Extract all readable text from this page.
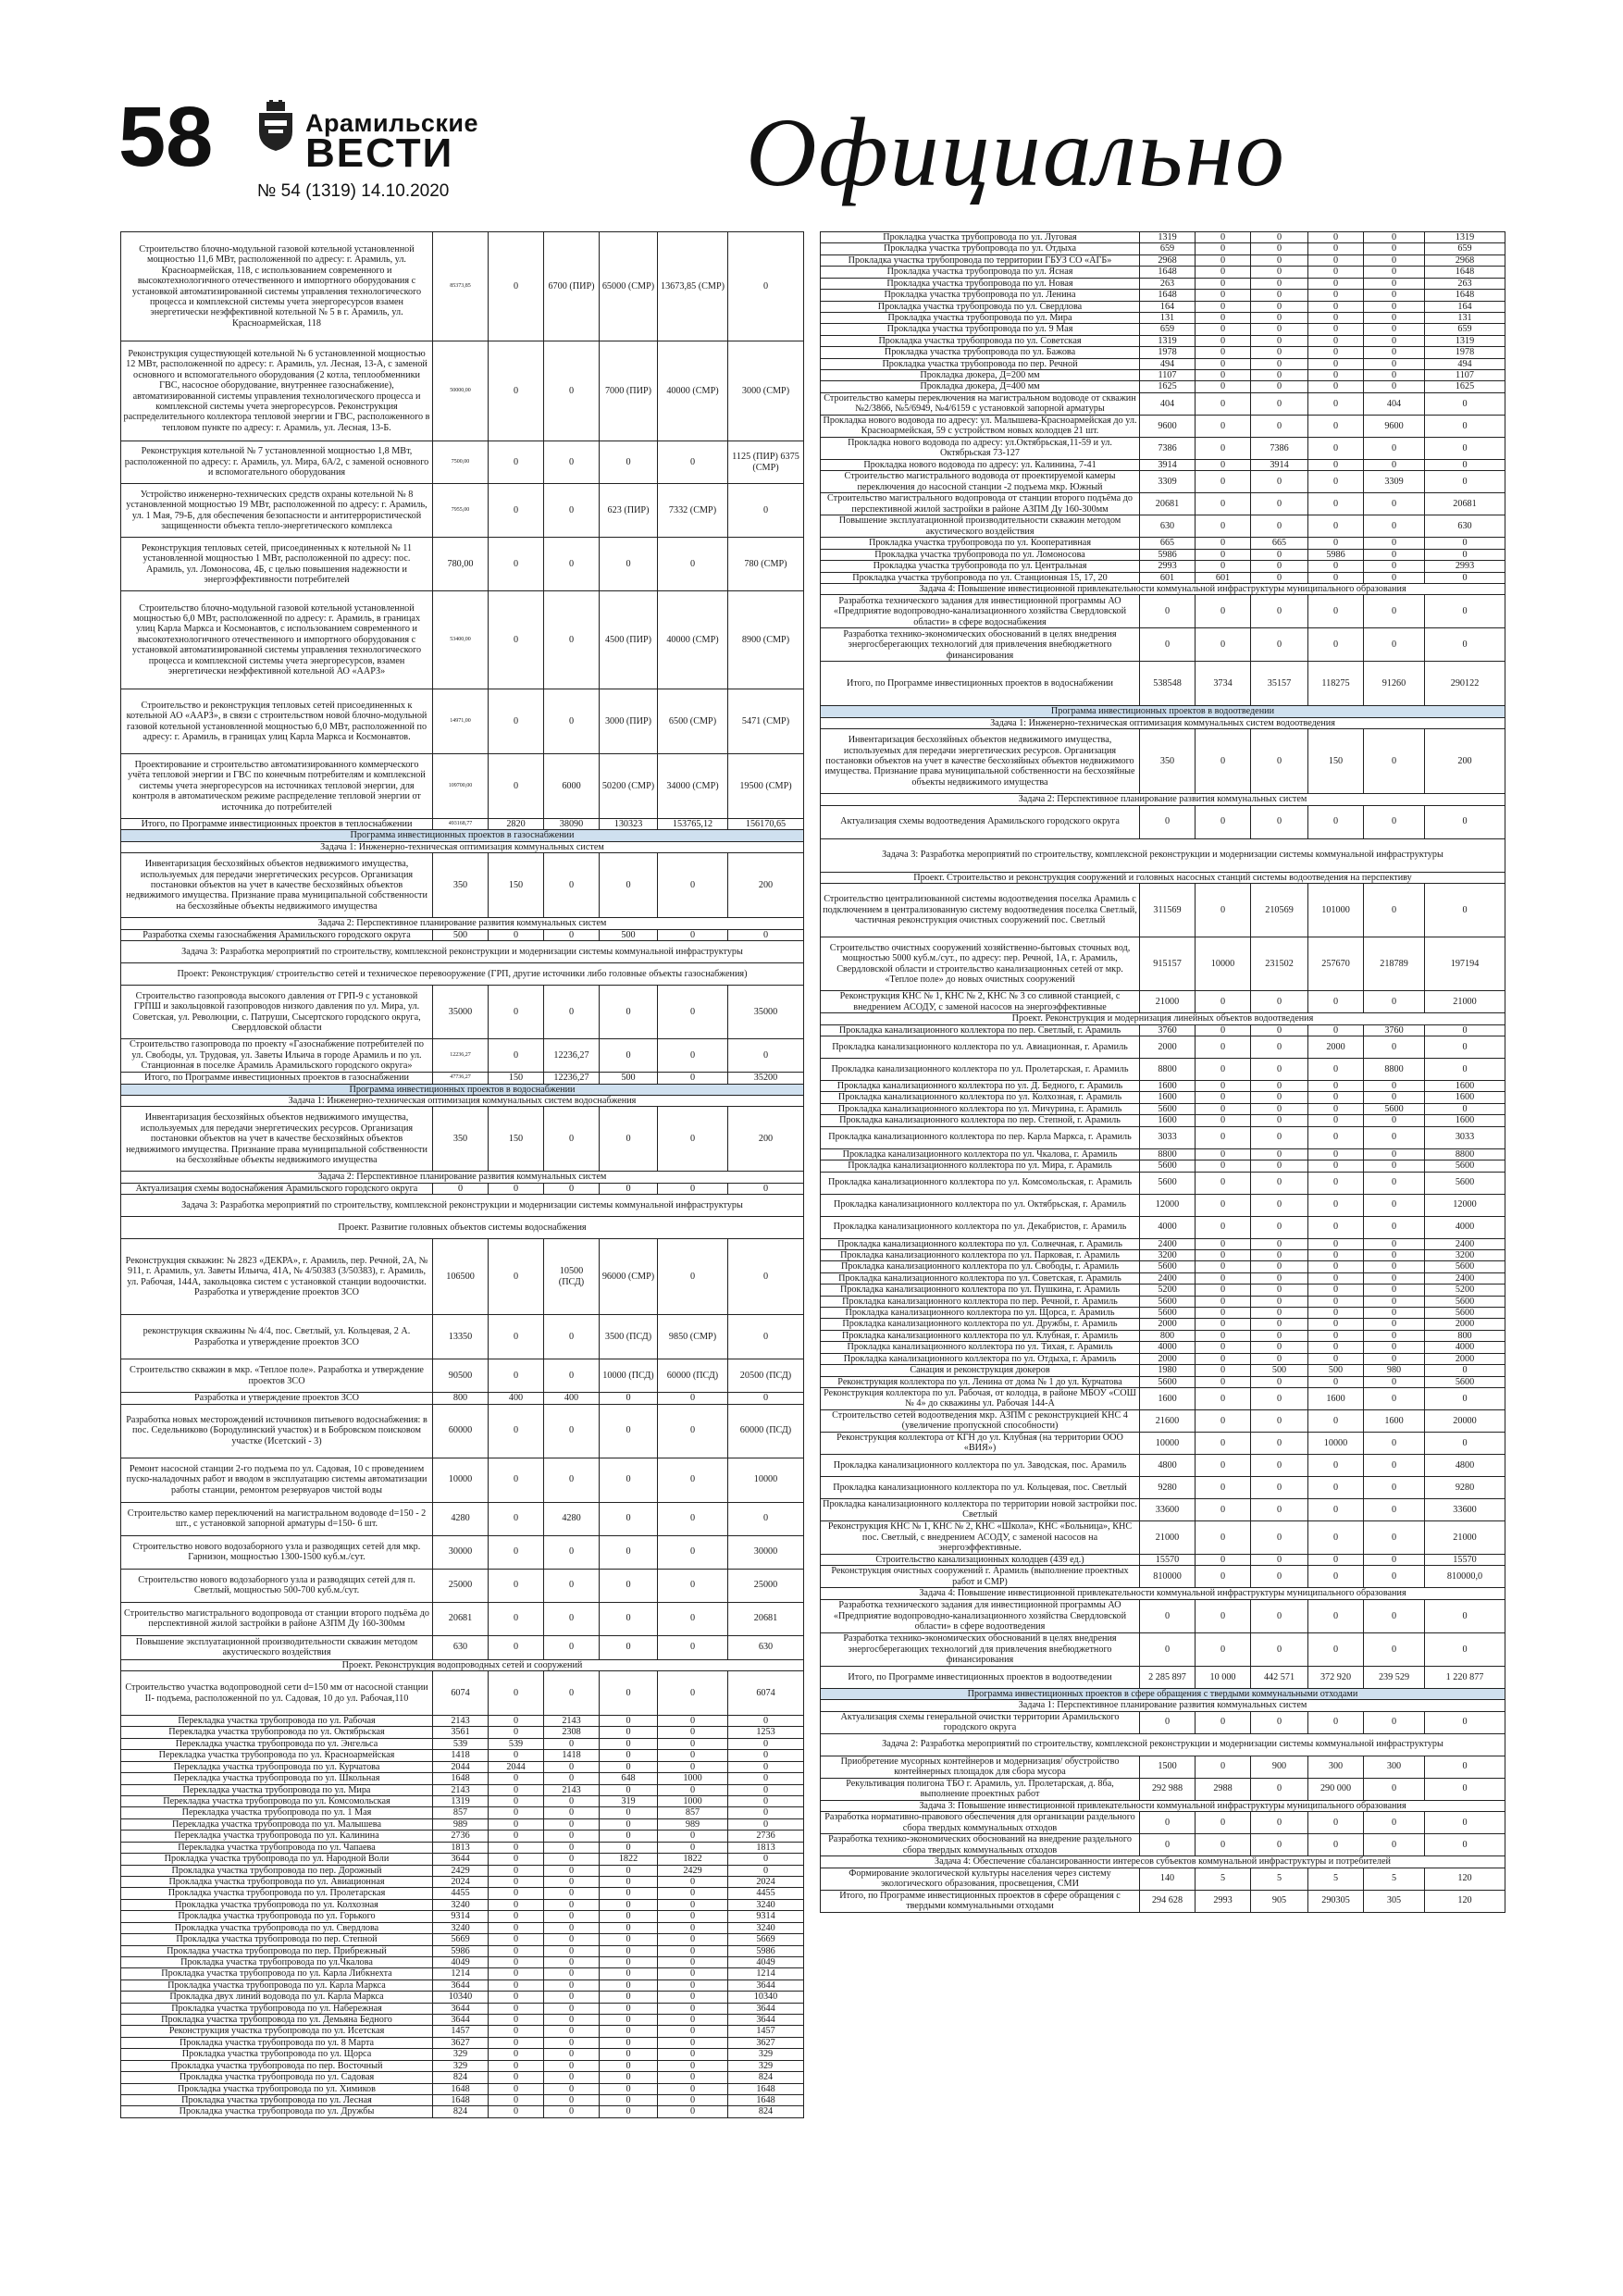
58	Арамильские
ВЕСТИ
№ 54 (1319) 14.10.2020	Официально
Строительство блочно-модульной газовой котельной установленной мощностью 11,6 МВт, расположенной по адресу: г. Арамиль, ул. Красноармейская, 118, с использованием современного и высокотехнологичного отечественного и импортного оборудования с установкой автоматизированной системы управления технологического процесса и комплексной системы учета энергоресурсов взамен энергетически неэффективной котельной № 5 в г. Арамиль, ул. Красноармейская, 118	85373,85	0	6700 (ПИР)	65000 (СМР)	13673,85 (СМР)	0
Реконструкция существующей котельной № 6 установленной мощностью 12 МВт, расположенной по адресу: г. Арамиль, ул. Лесная, 13-А, с заменой основного и вспомогательного оборудования (2 котла, теплообменники ГВС, насосное оборудование, внутреннее газоснабжение), автоматизированной системы управления технологического процесса и комплексной системы учета энергоресурсов. Реконструкция распределительного коллектора тепловой энергии и ГВС, расположенного в тепловом пункте по адресу: г. Арамиль, ул. Лесная, 13-Б.	50000,00	0	0	7000 (ПИР)	40000 (СМР)	3000 (СМР)
Реконструкция котельной № 7 установленной мощностью 1,8 МВт, расположенной по адресу: г. Арамиль, ул. Мира, 6А/2, с заменой основного и вспомогательного оборудования	7500,00	0	0	0	0	1125 (ПИР) 6375 (СМР)
Устройство инженерно-технических средств охраны котельной № 8 установленной мощностью 19 МВт, расположенной по адресу: г. Арамиль, ул. 1 Мая, 79-Б, для обеспечения безопасности и антитеррористической защищенности объекта тепло-энергетического комплекса	7955,00	0	0	623 (ПИР)	7332 (СМР)	0
Реконструкция тепловых сетей, присоединенных к котельной № 11 установленной мощностью 1 МВт, расположенной по адресу: пос. Арамиль, ул. Ломоносова, 4Б, с целью повышения надежности и энергоэффективности потребителей	780,00	0	0	0	0	780 (СМР)
Строительство блочно-модульной газовой котельной установленной мощностью 6,0 МВт, расположенной по адресу: г. Арамиль, в границах улиц Карла Маркса и Космонавтов, с использованием современного и высокотехнологичного отечественного и импортного оборудования с установкой автоматизированной системы управления технологического процесса и комплексной системы учета энергоресурсов, взамен энергетически неэффективной котельной АО «ААРЗ»	53400,00	0	0	4500 (ПИР)	40000 (СМР)	8900 (СМР)
Строительство и реконструкция тепловых сетей присоединенных к котельной АО «ААРЗ», в связи с строительством новой блочно-модульной газовой котельной установленной мощностью 6,0 МВт, расположенной по адресу: г. Арамиль, в границах улиц Карла Маркса и Космонавтов.	14971,00	0	0	3000 (ПИР)	6500 (СМР)	5471 (СМР)
Проектирование и строительство автоматизированного коммерческого учёта тепловой энергии и ГВС по конечным потребителям и комплексной системы учета энергоресурсов на источниках тепловой энергии, для контроля в автоматическом режиме распределение тепловой энергии от источника до потребителей	109700,00	0	6000	50200 (СМР)	34000 (СМР)	19500 (СМР)
Итого, по Программе инвестиционных проектов в теплоснабжении	493168,77	2820	38090	130323	153765,12	156170,65
Программа инвестиционных проектов в газоснабжении						
Задача 1: Инженерно-техническая оптимизация коммунальных систем						
Инвентаризация бесхозяйных объектов недвижимого имущества, используемых для передачи энергетических ресурсов. Организация постановки объектов на учет в качестве бесхозяйных объектов недвижимого имущества. Признание права муниципальной собственности на бесхозяйные объекты недвижимого имущества	350	150	0	0	0	200
Задача 2: Перспективное планирование развития коммунальных систем						
Разработка схемы газоснабжения Арамильского городского округа	500	0	0	500	0	0
Задача 3: Разработка мероприятий по строительству, комплексной реконструкции и модернизации системы коммунальной инфраструктуры						
Проект: Реконструкция/ строительство сетей и техническое перевооружение (ГРП, другие источники либо головные объекты газоснабжения)						
Строительство газопровода высокого давления от ГРП-9 с установкой ГРПШ и закольцовкой газопроводов низкого давления по ул. Мира, ул. Советская, ул. Революции, с. Патруши, Сысертского городского округа, Свердловской области	35000	0	0	0	0	35000
Строительство газопровода по проекту «Газоснабжение потребителей по ул. Свободы, ул. Трудовая, ул. Заветы Ильича в городе Арамиль и по ул. Станционная в поселке Арамиль Арамильского городского округа»	12236,27	0	12236,27	0	0	0
Итого, по Программе инвестиционных проектов в газоснабжении	47736,27	150	12236,27	500	0	35200
Программа инвестиционных проектов в водоснабжении						
Задача 1: Инженерно-техническая оптимизация коммунальных систем водоснабжения						
Инвентаризация бесхозяйных объектов недвижимого имущества, используемых для передачи энергетических ресурсов. Организация постановки объектов на учет в качестве бесхозяйных объектов недвижимого имущества. Признание права муниципальной собственности на бесхозяйные объекты недвижимого имущества	350	150	0	0	0	200
Задача 2: Перспективное планирование развития коммунальных систем						
Актуализация схемы водоснабжения Арамильского городского округа	0	0	0	0	0	0
Задача 3: Разработка мероприятий по строительству, комплексной реконструкции и модернизации системы коммунальной инфраструктуры						
Проект. Развитие головных объектов системы водоснабжения						
Реконструкция скважин: № 2823 «ДЕКРА», г. Арамиль, пер. Речной, 2А, № 911, г. Арамиль, ул. Заветы Ильича, 41А, № 4/50383 (3/50383), г. Арамиль, ул. Рабочая, 144А, закольцовка систем с установкой станции водоочистки. Разработка и утверждение проектов ЗСО	106500	0	10500 (ПСД)	96000 (СМР)	0	0
реконструкция скважины № 4/4, пос. Светлый, ул. Кольцевая, 2 А. Разработка и утверждение проектов ЗСО	13350	0	0	3500 (ПСД)	9850 (СМР)	0
Строительство скважин в мкр. «Теплое поле». Разработка и утверждение проектов ЗСО	90500	0	0	10000 (ПСД)	60000 (ПСД)	20500 (ПСД)
Разработка и утверждение проектов ЗСО	800	400	400	0	0	0
Разработка новых месторождений источников питьевого водоснабжения: в пос. Седельниково (Бородулинский участок) и в Бобровском поисковом участке (Исетский - 3)	60000	0	0	0	0	60000 (ПСД)
Ремонт насосной станции 2-го подъема по ул. Садовая, 10 с проведением пуско-наладочных работ и вводом в эксплуатацию системы автоматизации работы станции, ремонтом резервуаров чистой воды	10000	0	0	0	0	10000
Строительство камер переключений на магистральном водоводе d=150 - 2 шт., с установкой запорной арматуры d=150- 6 шт.	4280	0	4280	0	0	0
Строительство нового водозаборного узла и разводящих сетей для мкр. Гарнизон, мощностью 1300-1500 куб.м./сут.	30000	0	0	0	0	30000
Строительство нового водозаборного узла и разводящих сетей для п. Светлый, мощностью 500-700 куб.м./сут.	25000	0	0	0	0	25000
Строительство магистрального водопровода от станции второго подъёма до перспективной жилой застройки в районе АЗПМ Ду 160-300мм	20681	0	0	0	0	20681
Повышение эксплуатационной производительности скважин методом акустического воздействия	630	0	0	0	0	630
Проект. Реконструкция водопроводных сетей и сооружений						
Строительство участка водопроводной сети d=150 мм от насосной станции II- подъема, расположенной по ул. Садовая, 10 до ул. Рабочая,110	6074	0	0	0	0	6074
Перекладка участка трубопровода по ул. Рабочая	2143	0	2143	0	0	0
Перекладка участка трубопровода по ул. Октябрьская	3561	0	2308	0	0	1253
Перекладка участка трубопровода по ул. Энгельса	539	539	0	0	0	0
Перекладка участка трубопровода по ул. Красноармейская	1418	0	1418	0	0	0
Перекладка участка трубопровода по ул. Курчатова	2044	2044	0	0	0	0
Перекладка участка трубопровода по ул. Школьная	1648	0	0	648	1000	0
Перекладка участка трубопровода по ул. Мира	2143	0	2143	0	0	0
Перекладка участка трубопровода по ул. Комсомольская	1319	0	0	319	1000	0
Перекладка участка трубопровода по ул. 1 Мая	857	0	0	0	857	0
Перекладка участка трубопровода по ул. Малышева	989	0	0	0	989	0
Перекладка участка трубопровода по ул. Калинина	2736	0	0	0	0	2736
Перекладка участка трубопровода по ул. Чапаева	1813	0	0	0	0	1813
Прокладка участка трубопровода по ул. Народной Воли	3644	0	0	1822	1822	0
Прокладка участка трубопровода по пер. Дорожный	2429	0	0	0	2429	0
Прокладка участка трубопровода по ул. Авиационная	2024	0	0	0	0	2024
Прокладка участка трубопровода по ул. Пролетарская	4455	0	0	0	0	4455
Прокладка участка трубопровода по ул. Колхозная	3240	0	0	0	0	3240
Прокладка участка трубопровода по ул. Горького	9314	0	0	0	0	9314
Прокладка участка трубопровода по ул. Свердлова	3240	0	0	0	0	3240
Прокладка участка трубопровода по пер. Степной	5669	0	0	0	0	5669
Прокладка участка трубопровода по пер. Прибрежный	5986	0	0	0	0	5986
Прокладка участка трубопровода по ул.Чкалова	4049	0	0	0	0	4049
Прокладка участка трубопровода по ул. Карла Либкнехта	1214	0	0	0	0	1214
Прокладка участка трубопровода по ул. Карла Маркса	3644	0	0	0	0	3644
Прокладка двух линий водовода по ул. Карла Маркса	10340	0	0	0	0	10340
Прокладка участка трубопровода по ул. Набережная	3644	0	0	0	0	3644
Прокладка участка трубопровода по ул. Демьяна Бедного	3644	0	0	0	0	3644
Реконструкция участка трубопровода по ул. Исетская	1457	0	0	0	0	1457
Прокладка участка трубопровода по ул. 8 Марта	3627	0	0	0	0	3627
Прокладка участка трубопровода по ул. Щорса	329	0	0	0	0	329
Прокладка участка трубопровода по пер. Восточный	329	0	0	0	0	329
Прокладка участка трубопровода по ул. Садовая	824	0	0	0	0	824
Прокладка участка трубопровода по ул. Химиков	1648	0	0	0	0	1648
Прокладка участка трубопровода по ул. Лесная	1648	0	0	0	0	1648
Прокладка участка трубопровода по ул. Дружбы	824	0	0	0	0	824
Прокладка участка трубопровода по ул. Луговая	1319	0	0	0	0	1319
Прокладка участка трубопровода по ул. Отдыха	659	0	0	0	0	659
Прокладка участка трубопровода по территории ГБУЗ СО «АГБ»	2968	0	0	0	0	2968
Прокладка участка трубопровода по ул. Ясная	1648	0	0	0	0	1648
Прокладка участка трубопровода по ул. Новая	263	0	0	0	0	263
Прокладка участка трубопровода по ул. Ленина	1648	0	0	0	0	1648
Прокладка участка трубопровода по ул. Свердлова	164	0	0	0	0	164
Прокладка участка трубопровода по ул. Мира	131	0	0	0	0	131
Прокладка участка трубопровода по ул. 9 Мая	659	0	0	0	0	659
Прокладка участка трубопровода по ул. Советская	1319	0	0	0	0	1319
Прокладка участка трубопровода по ул. Бажова	1978	0	0	0	0	1978
Прокладка участка трубопровода по пер. Речной	494	0	0	0	0	494
Прокладка дюкера, Д=200 мм	1107	0	0	0	0	1107
Прокладка дюкера, Д=400 мм	1625	0	0	0	0	1625
Строительство камеры переключения на магистральном водоводе от скважин №2/3866, №5/6949, №4/6159 с установкой запорной арматуры	404	0	0	0	404	0
Прокладка нового водовода по адресу: ул. Малышева-Красноармейская до ул. Красноармейская, 59 с устройством новых колодцев 21 шт.	9600	0	0	0	9600	0
Прокладка нового водовода по адресу: ул.Октябрьская,11-59 и ул. Октябрьская 73-127	7386	0	7386	0	0	0
Прокладка нового водовода по адресу: ул. Калинина, 7-41	3914	0	3914	0	0	0
Строительство магистрального водовода от проектируемой камеры переключения до насосной станции -2 подъема мкр. Южный	3309	0	0	0	3309	0
Строительство магистрального водопровода от станции второго подъёма до перспективной жилой застройки в районе АЗПМ Ду 160-300мм	20681	0	0	0	0	20681
Повышение эксплуатационной производительности скважин методом акустического воздействия	630	0	0	0	0	630
Прокладка участка трубопровода по ул. Кооперативная	665	0	665	0	0	0
Прокладка участка трубопровода по ул. Ломоносова	5986	0	0	5986	0	0
Прокладка участка трубопровода по ул. Центральная	2993	0	0	0	0	2993
Прокладка участка трубопровода по ул. Станционная 15, 17, 20	601	601	0	0	0	0
Задача 4: Повышение инвестиционной привлекательности коммунальной инфраструктуры муниципального образования						
Разработка технического задания для инвестиционной программы АО «Предприятие водопроводно-канализационного хозяйства Свердловской области» в сфере водоснабжения	0	0	0	0	0	0
Разработка технико-экономических обоснований в целях внедрения энергосберегающих технологий для привлечения внебюджетного финансирования	0	0	0	0	0	0
Итого, по Программе инвестиционных проектов в водоснабжении	538548	3734	35157	118275	91260	290122
Программа инвестиционных проектов в водоотведении						
Задача 1: Инженерно-техническая оптимизация коммунальных систем водоотведения						
Инвентаризация бесхозяйных объектов недвижимого имущества, используемых для передачи энергетических ресурсов. Организация постановки объектов на учет в качестве бесхозяйных объектов недвижимого имущества. Признание права муниципальной собственности на бесхозяйные объекты недвижимого имущества	350	0	0	150	0	200
Задача 2: Перспективное планирование развития коммунальных систем						
Актуализация схемы водоотведения Арамильского городского округа	0	0	0	0	0	0
Задача 3: Разработка мероприятий по строительству, комплексной реконструкции и модернизации системы коммунальной инфраструктуры						
Проект. Строительство и реконструкция сооружений и головных насосных станций системы водоотведения на перспективу						
Строительство централизованной системы водоотведения поселка Арамиль с подключением в централизованную систему водоотведения поселка Светлый, частичная реконструкция очистных сооружений пос. Светлый	311569	0	210569	101000	0	0
Строительство очистных сооружений хозяйственно-бытовых сточных вод, мощностью 5000 куб.м./сут., по адресу: пер. Речной, 1А, г. Арамиль, Свердловской области и строительство канализационных сетей от мкр. «Теплое поле» до новых очистных сооружений	915157	10000	231502	257670	218789	197194
Реконструкция КНС № 1, КНС № 2, КНС № 3 со сливной станцией, с внедрением АСОДУ, с заменой насосов на энергоэффективные	21000	0	0	0	0	21000
Проект. Реконструкция и модернизация линейных объектов водоотведения						
Прокладка канализационного коллектора по пер. Светлый, г. Арамиль	3760	0	0	0	3760	0
Прокладка канализационного коллектора по ул. Авиационная, г. Арамиль	2000	0	0	2000	0	0
Прокладка канализационного коллектора по ул. Пролетарская, г. Арамиль	8800	0	0	0	8800	0
Прокладка канализационного коллектора по ул. Д. Бедного, г. Арамиль	1600	0	0	0	0	1600
Прокладка канализационного коллектора по ул. Колхозная, г. Арамиль	1600	0	0	0	0	1600
Прокладка канализационного коллектора по ул. Мичурина, г. Арамиль	5600	0	0	0	5600	0
Прокладка канализационного коллектора по пер. Степной, г. Арамиль	1600	0	0	0	0	1600
Прокладка канализационного коллектора по пер. Карла Маркса, г. Арамиль	3033	0	0	0	0	3033
Прокладка канализационного коллектора по ул. Чкалова, г. Арамиль	8800	0	0	0	0	8800
Прокладка канализационного коллектора по ул. Мира, г. Арамиль	5600	0	0	0	0	5600
Прокладка канализационного коллектора по ул. Комсомольская, г. Арамиль	5600	0	0	0	0	5600
Прокладка канализационного коллектора по ул. Октябрьская, г. Арамиль	12000	0	0	0	0	12000
Прокладка канализационного коллектора по ул. Декабристов, г. Арамиль	4000	0	0	0	0	4000
Прокладка канализационного коллектора по ул. Солнечная, г. Арамиль	2400	0	0	0	0	2400
Прокладка канализационного коллектора по ул. Парковая, г. Арамиль	3200	0	0	0	0	3200
Прокладка канализационного коллектора по ул. Свободы, г. Арамиль	5600	0	0	0	0	5600
Прокладка канализационного коллектора по ул. Советская, г. Арамиль	2400	0	0	0	0	2400
Прокладка канализационного коллектора по ул. Пушкина, г. Арамиль	5200	0	0	0	0	5200
Прокладка канализационного коллектора по пер. Речной, г. Арамиль	5600	0	0	0	0	5600
Прокладка канализационного коллектора по ул. Щорса, г. Арамиль	5600	0	0	0	0	5600
Прокладка канализационного коллектора по ул. Дружбы, г. Арамиль	2000	0	0	0	0	2000
Прокладка канализационного коллектора по ул. Клубная, г. Арамиль	800	0	0	0	0	800
Прокладка канализационного коллектора по ул. Тихая, г. Арамиль	4000	0	0	0	0	4000
Прокладка канализационного коллектора по ул. Отдыха, г. Арамиль	2000	0	0	0	0	2000
Санация и реконструкция дюкеров	1980	0	500	500	980	0
Реконструкция коллектора по ул. Ленина от дома № 1 до ул. Курчатова	5600	0	0	0	0	5600
Реконструкция коллектора по ул. Рабочая, от колодца, в районе МБОУ «СОШ № 4» до скважины ул. Рабочая 144-А	1600	0	0	1600	0	0
Строительство сетей водоотведения мкр. АЗПМ с реконструкцией КНС 4 (увеличение пропускной способности)	21600	0	0	0	1600	20000
Реконструкция коллектора от КГН до ул. Клубная (на территории ООО «ВИЯ»)	10000	0	0	10000	0	0
Прокладка канализационного коллектора по ул. Заводская, пос. Арамиль	4800	0	0	0	0	4800
Прокладка канализационного коллектора по ул. Кольцевая, пос. Светлый	9280	0	0	0	0	9280
Прокладка канализационного коллектора по территории новой застройки пос. Светлый	33600	0	0	0	0	33600
Реконструкция КНС № 1, КНС № 2, КНС «Школа», КНС «Больница», КНС пос. Светлый, с внедрением АСОДУ, с заменой насосов на энергоэффективные.	21000	0	0	0	0	21000
Строительство канализационных колодцев (439 ед.)	15570	0	0	0	0	15570
Реконструкция очистных сооружений г. Арамиль (выполнение проектных работ и СМР)	810000	0	0	0	0	810000,0
Задача 4: Повышение инвестиционной привлекательности коммунальной инфраструктуры муниципального образования						
Разработка технического задания для инвестиционной программы АО «Предприятие водопроводно-канализационного хозяйства Свердловской области» в сфере водоотведения	0	0	0	0	0	0
Разработка технико-экономических обоснований в целях внедрения энергосберегающих технологий для привлечения внебюджетного финансирования	0	0	0	0	0	0
Итого, по Программе инвестиционных проектов в водоотведении	2 285 897	10 000	442 571	372 920	239 529	1 220 877
Программа инвестиционных проектов в сфере обращения с твердыми коммунальными отходами						
Задача 1: Перспективное планирование развития коммунальных систем						
Актуализация схемы генеральной очистки территории Арамильского городского округа	0	0	0	0	0	0
Задача 2: Разработка мероприятий по строительству, комплексной реконструкции и модернизации системы коммунальной инфраструктуры						
Приобретение мусорных контейнеров и модернизация/ обустройство контейнерных площадок для сбора мусора	1500	0	900	300	300	0
Рекультивация полигона ТБО г. Арамиль, ул. Пролетарская, д. 8ба, выполнение проектных работ	292 988	2988	0	290 000	0	0
Задача 3: Повышение инвестиционной привлекательности коммунальной инфраструктуры муниципального образования						
Разработка нормативно-правового обеспечения для организации раздельного сбора твердых коммунальных отходов	0	0	0	0	0	0
Разработка технико-экономических обоснований на внедрение раздельного сбора твердых коммунальных отходов	0	0	0	0	0	0
Задача 4: Обеспечение сбалансированности интересов субъектов коммунальной инфраструктуры и потребителей						
Формирование экологической культуры населения через систему экологического образования, просвещения, СМИ	140	5	5	5	5	120
Итого, по Программе инвестиционных проектов в сфере обращения с твердыми коммунальными отходами	294 628	2993	905	290305	305	120
